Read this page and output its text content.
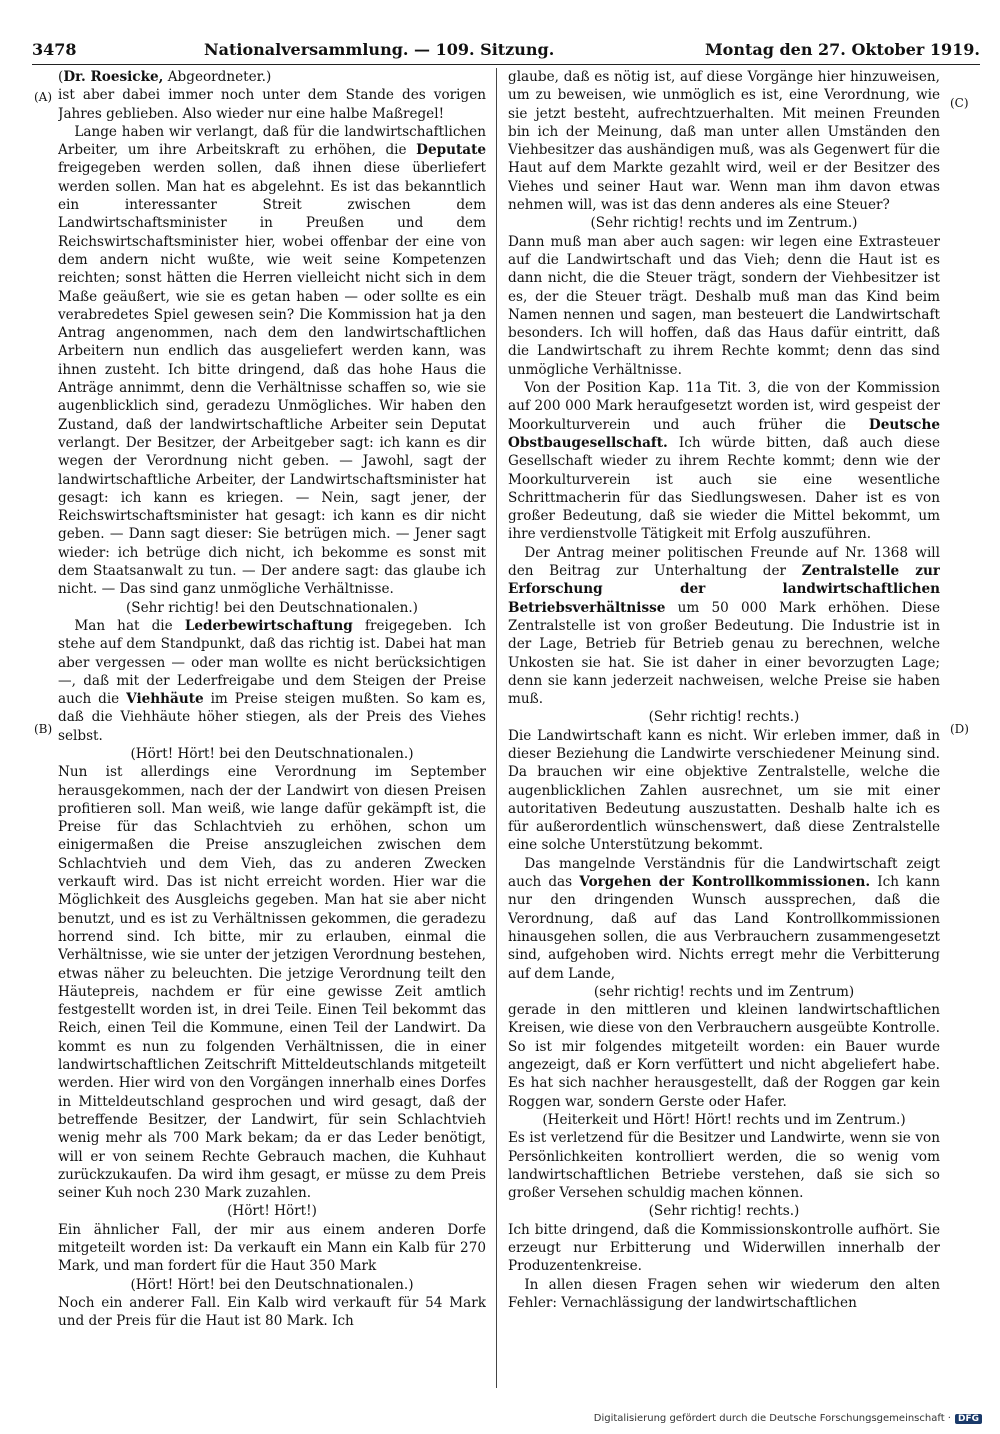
3478	Nationalversammlung. — 109. Sitzung.	Montag den 27. Oktober 1919.
(A)
(B)
(C)
(D)

(Dr. Roesicke, Abgeordneter.)

ist aber dabei immer noch unter dem Stande des vorigen Jahres geblieben. Also wieder nur eine halbe Maßregel!

Lange haben wir verlangt, daß für die landwirtschaftlichen Arbeiter, um ihre Arbeitskraft zu erhöhen, die Deputate freigegeben werden sollen, daß ihnen diese überliefert werden sollen. Man hat es abgelehnt. Es ist das bekanntlich ein interessanter Streit zwischen dem Landwirtschaftsminister in Preußen und dem Reichswirtschaftsminister hier, wobei offenbar der eine von dem andern nicht wußte, wie weit seine Kompetenzen reichten; sonst hätten die Herren vielleicht nicht sich in dem Maße geäußert, wie sie es getan haben — oder sollte es ein verabredetes Spiel gewesen sein? Die Kommission hat ja den Antrag angenommen, nach dem den landwirtschaftlichen Arbeitern nun endlich das ausgeliefert werden kann, was ihnen zusteht. Ich bitte dringend, daß das hohe Haus die Anträge annimmt, denn die Verhältnisse schaffen so, wie sie augenblicklich sind, geradezu Unmögliches. Wir haben den Zustand, daß der landwirtschaftliche Arbeiter sein Deputat verlangt. Der Besitzer, der Arbeitgeber sagt: ich kann es dir wegen der Verordnung nicht geben. — Jawohl, sagt der landwirtschaftliche Arbeiter, der Landwirtschaftsminister hat gesagt: ich kann es kriegen. — Nein, sagt jener, der Reichswirtschaftsminister hat gesagt: ich kann es dir nicht geben. — Dann sagt dieser: Sie betrügen mich. — Jener sagt wieder: ich betrüge dich nicht, ich bekomme es sonst mit dem Staatsanwalt zu tun. — Der andere sagt: das glaube ich nicht. — Das sind ganz unmögliche Verhältnisse.

(Sehr richtig! bei den Deutschnationalen.)

Man hat die Lederbewirtschaftung freigegeben. Ich stehe auf dem Standpunkt, daß das richtig ist. Dabei hat man aber vergessen — oder man wollte es nicht berücksichtigen —, daß mit der Lederfreigabe und dem Steigen der Preise auch die Viehhäute im Preise steigen mußten. So kam es, daß die Viehhäute höher stiegen, als der Preis des Viehes selbst.

(Hört! Hört! bei den Deutschnationalen.)

Nun ist allerdings eine Verordnung im September herausgekommen, nach der der Landwirt von diesen Preisen profitieren soll. Man weiß, wie lange dafür gekämpft ist, die Preise für das Schlachtvieh zu erhöhen, schon um einigermaßen die Preise anszugleichen zwischen dem Schlachtvieh und dem Vieh, das zu anderen Zwecken verkauft wird. Das ist nicht erreicht worden. Hier war die Möglichkeit des Ausgleichs gegeben. Man hat sie aber nicht benutzt, und es ist zu Verhältnissen gekommen, die geradezu horrend sind. Ich bitte, mir zu erlauben, einmal die Verhältnisse, wie sie unter der jetzigen Verordnung bestehen, etwas näher zu beleuchten. Die jetzige Verordnung teilt den Häutepreis, nachdem er für eine gewisse Zeit amtlich festgestellt worden ist, in drei Teile. Einen Teil bekommt das Reich, einen Teil die Kommune, einen Teil der Landwirt. Da kommt es nun zu folgenden Verhältnissen, die in einer landwirtschaftlichen Zeitschrift Mitteldeutschlands mitgeteilt werden. Hier wird von den Vorgängen innerhalb eines Dorfes in Mitteldeutschland gesprochen und wird gesagt, daß der betreffende Besitzer, der Landwirt, für sein Schlachtvieh wenig mehr als 700 Mark bekam; da er das Leder benötigt, will er von seinem Rechte Gebrauch machen, die Kuhhaut zurückzukaufen. Da wird ihm gesagt, er müsse zu dem Preis seiner Kuh noch 230 Mark zuzahlen.

(Hört! Hört!)

Ein ähnlicher Fall, der mir aus einem anderen Dorfe mitgeteilt worden ist: Da verkauft ein Mann ein Kalb für 270 Mark, und man fordert für die Haut 350 Mark

(Hört! Hört! bei den Deutschnationalen.)

Noch ein anderer Fall. Ein Kalb wird verkauft für 54 Mark und der Preis für die Haut ist 80 Mark. Ich

glaube, daß es nötig ist, auf diese Vorgänge hier hinzuweisen, um zu beweisen, wie unmöglich es ist, eine Verordnung, wie sie jetzt besteht, aufrechtzuerhalten. Mit meinen Freunden bin ich der Meinung, daß man unter allen Umständen den Viehbesitzer das aushändigen muß, was als Gegenwert für die Haut auf dem Markte gezahlt wird, weil er der Besitzer des Viehes und seiner Haut war. Wenn man ihm davon etwas nehmen will, was ist das denn anderes als eine Steuer?

(Sehr richtig! rechts und im Zentrum.)

Dann muß man aber auch sagen: wir legen eine Extrasteuer auf die Landwirtschaft und das Vieh; denn die Haut ist es dann nicht, die die Steuer trägt, sondern der Viehbesitzer ist es, der die Steuer trägt. Deshalb muß man das Kind beim Namen nennen und sagen, man besteuert die Landwirtschaft besonders. Ich will hoffen, daß das Haus dafür eintritt, daß die Landwirtschaft zu ihrem Rechte kommt; denn das sind unmögliche Verhältnisse.

Von der Position Kap. 11a Tit. 3, die von der Kommission auf 200 000 Mark heraufgesetzt worden ist, wird gespeist der Moorkulturverein und auch früher die Deutsche Obstbaugesellschaft. Ich würde bitten, daß auch diese Gesellschaft wieder zu ihrem Rechte kommt; denn wie der Moorkulturverein ist auch sie eine wesentliche Schrittmacherin für das Siedlungswesen. Daher ist es von großer Bedeutung, daß sie wieder die Mittel bekommt, um ihre verdienstvolle Tätigkeit mit Erfolg auszuführen.

Der Antrag meiner politischen Freunde auf Nr. 1368 will den Beitrag zur Unterhaltung der Zentralstelle zur Erforschung der landwirtschaftlichen Betriebsverhältnisse um 50 000 Mark erhöhen. Diese Zentralstelle ist von großer Bedeutung. Die Industrie ist in der Lage, Betrieb für Betrieb genau zu berechnen, welche Unkosten sie hat. Sie ist daher in einer bevorzugten Lage; denn sie kann jederzeit nachweisen, welche Preise sie haben muß.

(Sehr richtig! rechts.)

Die Landwirtschaft kann es nicht. Wir erleben immer, daß in dieser Beziehung die Landwirte verschiedener Meinung sind. Da brauchen wir eine objektive Zentralstelle, welche die augenblicklichen Zahlen ausrechnet, um sie mit einer autoritativen Bedeutung auszustatten. Deshalb halte ich es für außerordentlich wünschenswert, daß diese Zentralstelle eine solche Unterstützung bekommt.

Das mangelnde Verständnis für die Landwirtschaft zeigt auch das Vorgehen der Kontrollkommissionen. Ich kann nur den dringenden Wunsch aussprechen, daß die Verordnung, daß auf das Land Kontrollkommissionen hinausgehen sollen, die aus Verbrauchern zusammengesetzt sind, aufgehoben wird. Nichts erregt mehr die Verbitterung auf dem Lande,

(sehr richtig! rechts und im Zentrum)

gerade in den mittleren und kleinen landwirtschaftlichen Kreisen, wie diese von den Verbrauchern ausgeübte Kontrolle. So ist mir folgendes mitgeteilt worden: ein Bauer wurde angezeigt, daß er Korn verfüttert und nicht abgeliefert habe. Es hat sich nachher herausgestellt, daß der Roggen gar kein Roggen war, sondern Gerste oder Hafer.

(Heiterkeit und Hört! Hört! rechts und im Zentrum.)

Es ist verletzend für die Besitzer und Landwirte, wenn sie von Persönlichkeiten kontrolliert werden, die so wenig vom landwirtschaftlichen Betriebe verstehen, daß sie sich so großer Versehen schuldig machen können.

(Sehr richtig! rechts.)

Ich bitte dringend, daß die Kommissionskontrolle aufhört. Sie erzeugt nur Erbitterung und Widerwillen innerhalb der Produzentenkreise.

In allen diesen Fragen sehen wir wiederum den alten Fehler: Vernachlässigung der landwirtschaftlichen

Digitalisierung gefördert durch die Deutsche Forschungsgemeinschaft · DFG
